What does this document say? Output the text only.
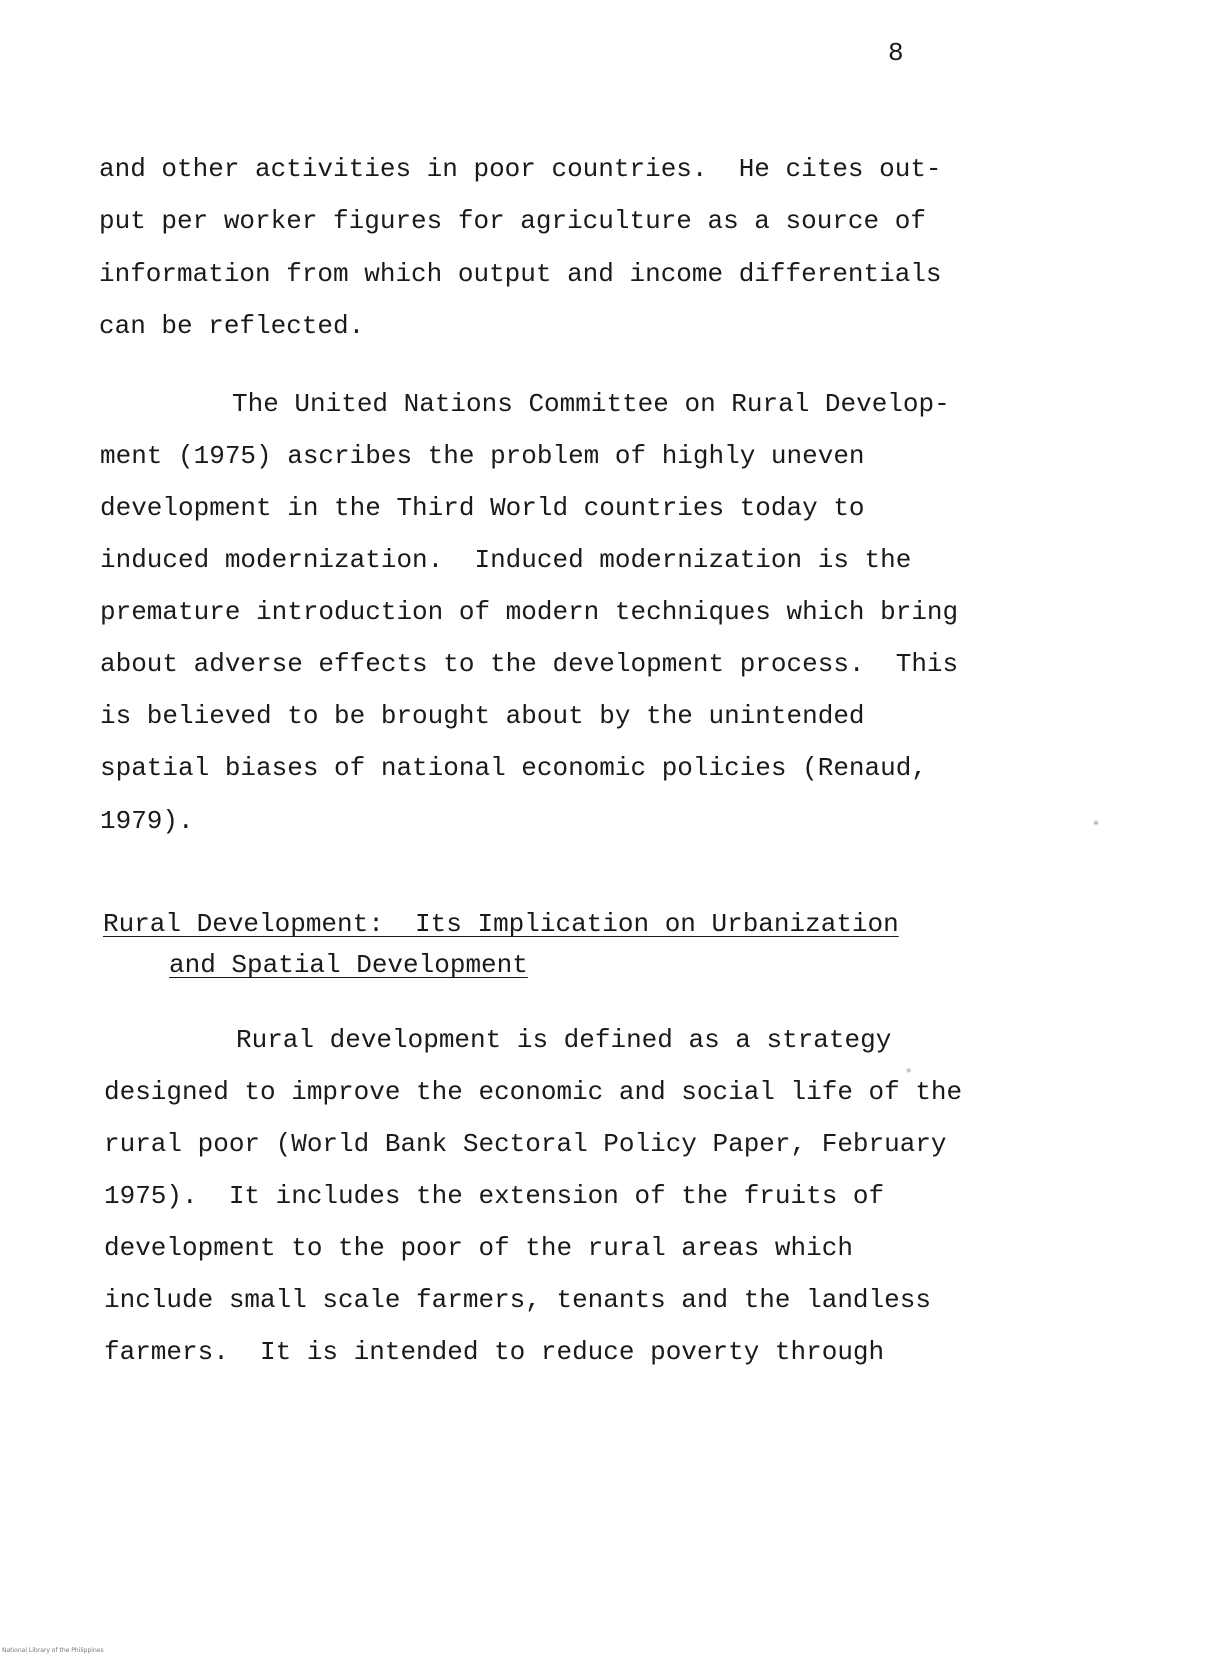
8
and other activities in poor countries.  He cites out-
put per worker figures for agriculture as a source of
information from which output and income differentials
can be reflected.
The United Nations Committee on Rural Develop-
ment (1975) ascribes the problem of highly uneven
development in the Third World countries today to
induced modernization.  Induced modernization is the
premature introduction of modern techniques which bring
about adverse effects to the development process.  This
is believed to be brought about by the unintended
spatial biases of national economic policies (Renaud,
1979).
Rural Development:  Its Implication on Urbanization
and Spatial Development
Rural development is defined as a strategy
designed to improve the economic and social life of the
rural poor (World Bank Sectoral Policy Paper, February
1975).  It includes the extension of the fruits of
development to the poor of the rural areas which
include small scale farmers, tenants and the landless
farmers.  It is intended to reduce poverty through
*
*
National Library of the Philippines
